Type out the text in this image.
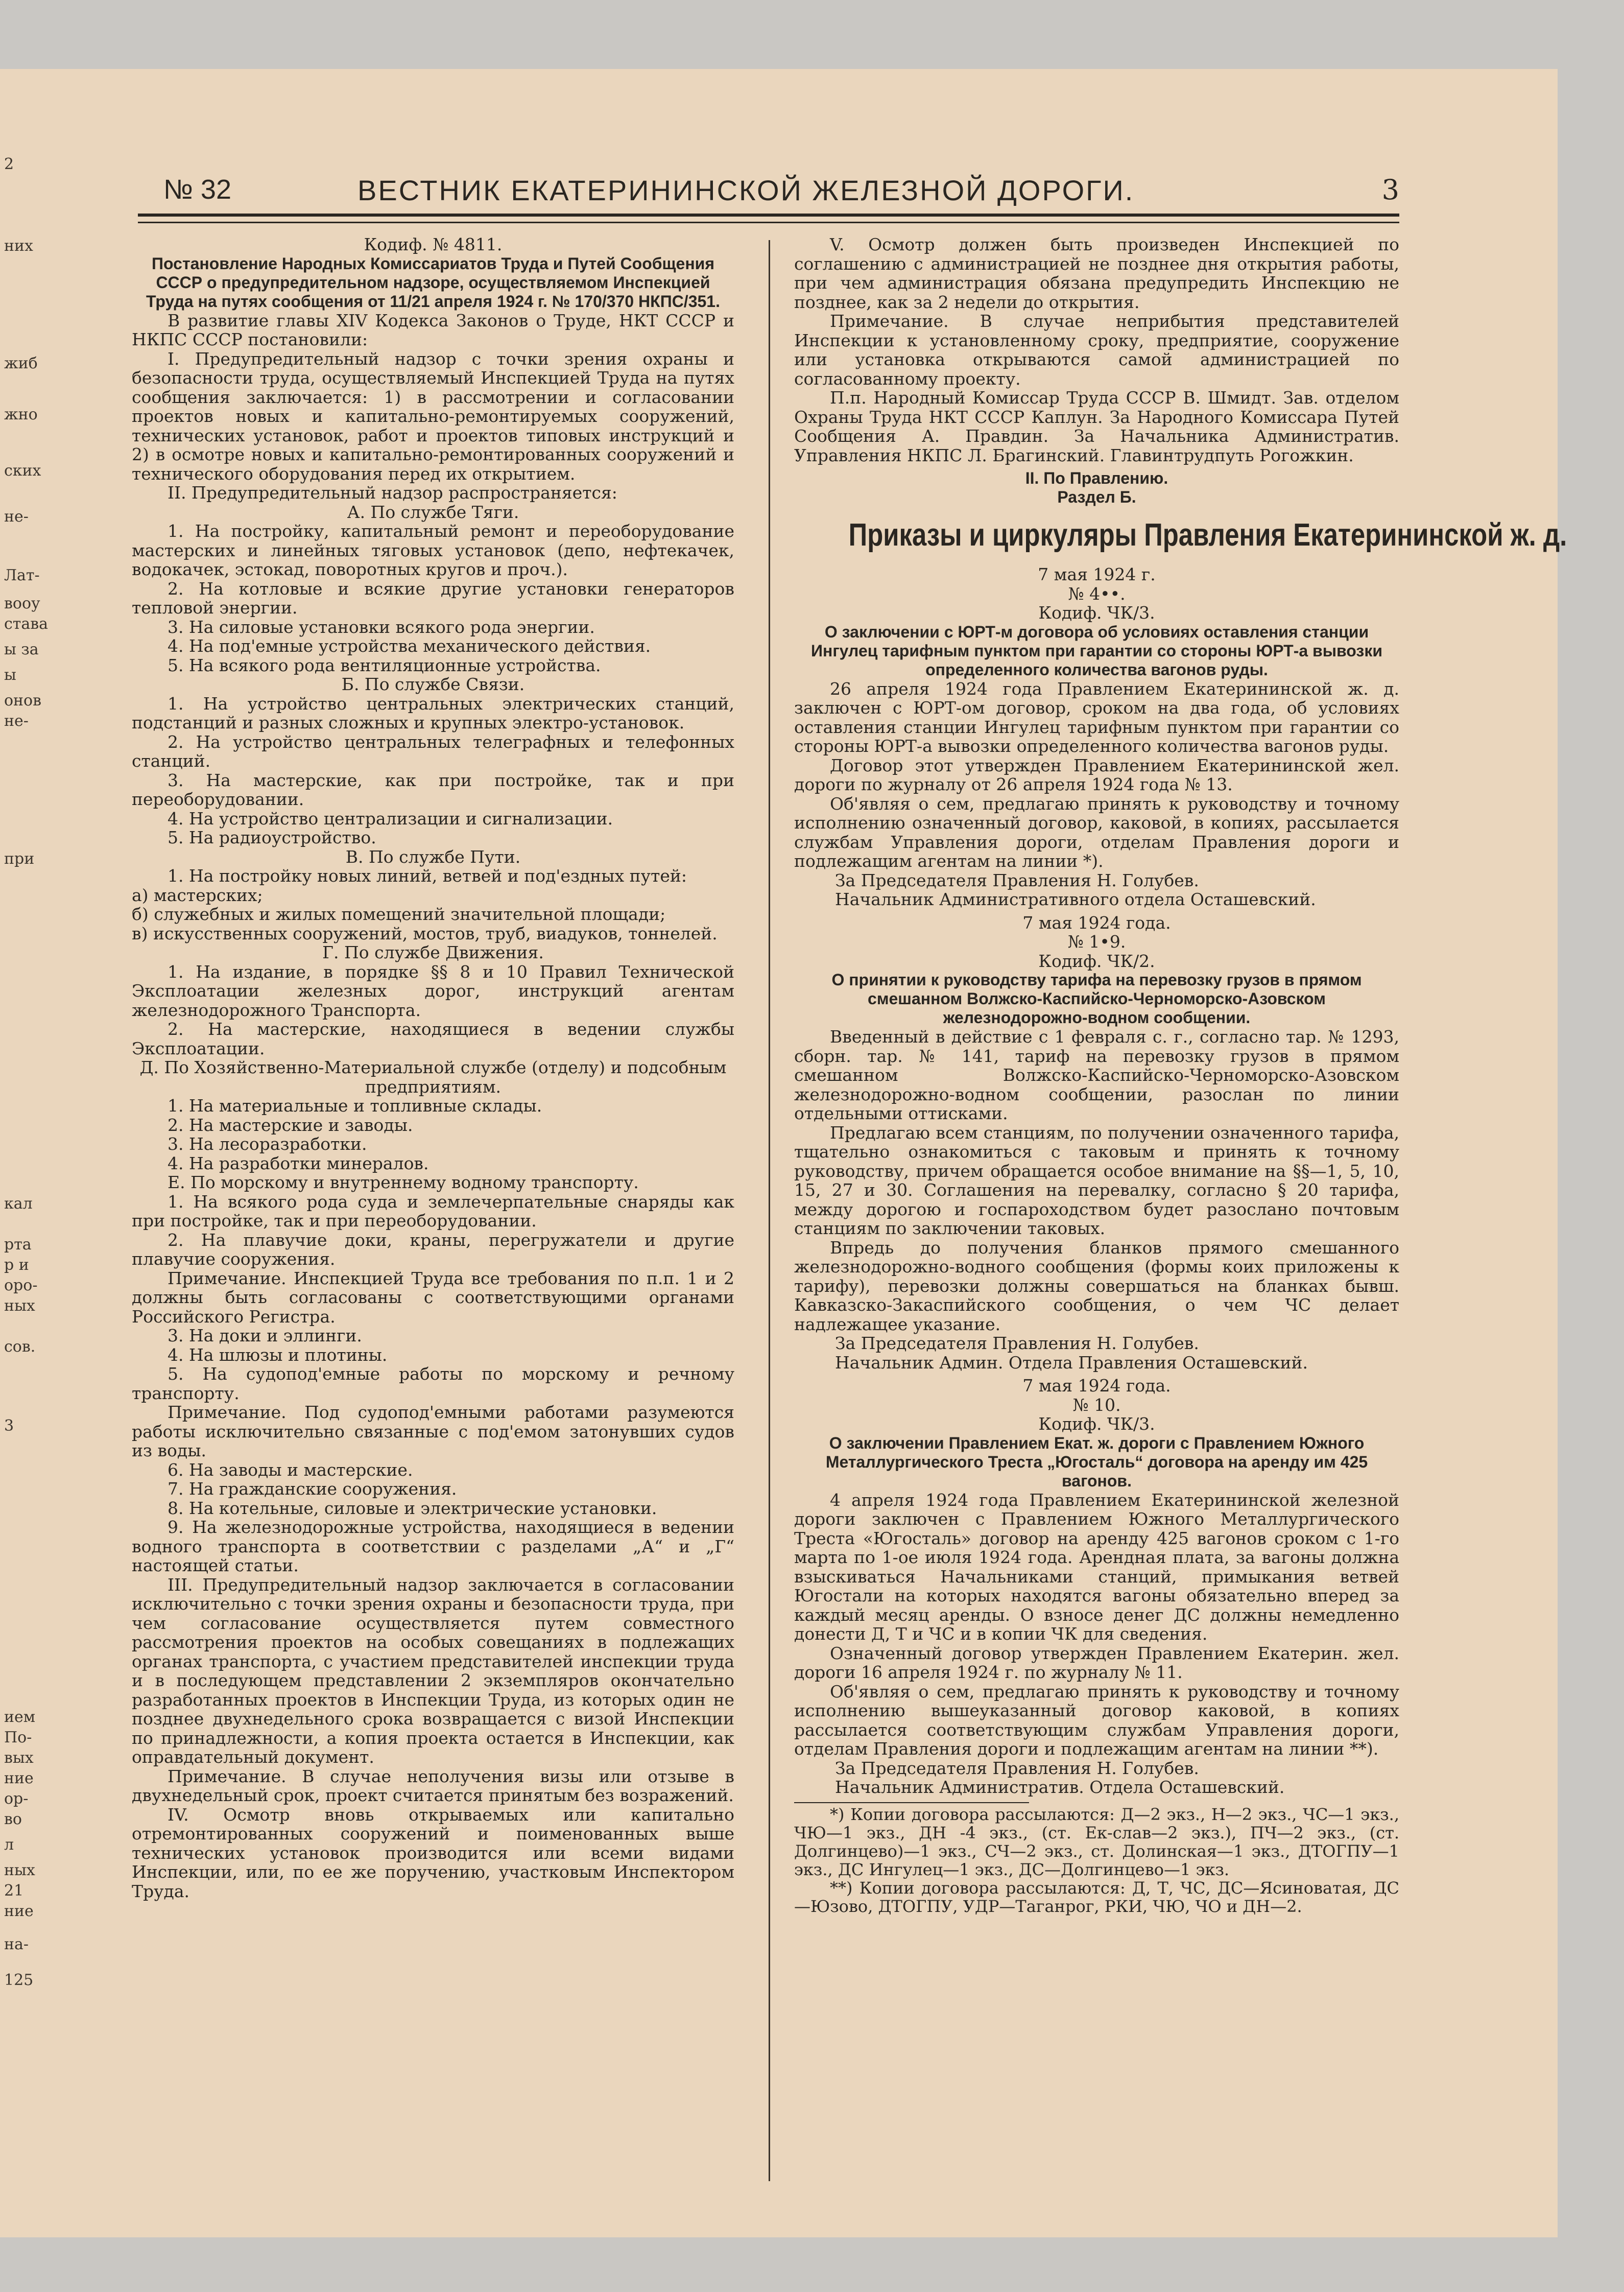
2
них
жиб
жно
ских
не-
Лат-
вооу
става
ы за
ы
онов
не-
при
кал
рта
р и
оро-
ных
сов.
3
ием
По-
вых
ние
ор-
во
л
ных
21
ние
на-
125
№ 32	ВЕСТНИК ЕКАТЕРИНИНСКОЙ ЖЕЛЕЗНОЙ ДОРОГИ.	3

Кодиф. № 4811.

Постановление Народных Комиссариатов Труда и Путей Сообщения СССР о предупредительном надзоре, осуществляемом Инспекцией Труда на путях сообщения от 11/21 апреля 1924 г. № 170/370 НКПС/351.

В развитие главы XIV Кодекса Законов о Труде, НКТ СССР и НКПС СССР постановили:

I. Предупредительный надзор с точки зрения охраны и безопасности труда, осуществляемый Инспекцией Труда на путях сообщения заключается: 1) в рассмотрении и согласовании проектов новых и капитально-ремонтируемых сооружений, технических установок, работ и проектов типовых инструкций и 2) в осмотре новых и капитально-ремонтированных сооружений и технического оборудования перед их открытием.

II. Предупредительный надзор распространяется:

А. По службе Тяги.

1. На постройку, капитальный ремонт и переоборудование мастерских и линейных тяговых установок (депо, нефтекачек, водокачек, эстокад, поворотных кругов и проч.).

2. На котловые и всякие другие установки генераторов тепловой энергии.

3. На силовые установки всякого рода энергии.

4. На под'емные устройства механического действия.

5. На всякого рода вентиляционные устройства.

Б. По службе Связи.

1. На устройство центральных электрических станций, подстанций и разных сложных и крупных электро-установок.

2. На устройство центральных телеграфных и телефонных станций.

3. На мастерские, как при постройке, так и при переоборудовании.

4. На устройство централизации и сигнализации.

5. На радиоустройство.

В. По службе Пути.

1. На постройку новых линий, ветвей и под'ездных путей:

а) мастерских;

б) служебных и жилых помещений значительной площади;

в) искусственных сооружений, мостов, труб, виадуков, тоннелей.

Г. По службе Движения.

1. На издание, в порядке §§ 8 и 10 Правил Технической Эксплоатации железных дорог, инструкций агентам железнодорожного Транспорта.

2. На мастерские, находящиеся в ведении службы Эксплоатации.

Д. По Хозяйственно-Материальной службе (отделу) и подсобным предприятиям.

1. На материальные и топливные склады.

2. На мастерские и заводы.

3. На лесоразработки.

4. На разработки минералов.

Е. По морскому и внутреннему водному транспорту.

1. На всякого рода суда и землечерпательные снаряды как при постройке, так и при переоборудовании.

2. На плавучие доки, краны, перегружатели и другие плавучие сооружения.

Примечание. Инспекцией Труда все требования по п.п. 1 и 2 должны быть согласованы с соответствующими органами Российского Регистра.

3. На доки и эллинги.

4. На шлюзы и плотины.

5. На судопод'емные работы по морскому и речному транспорту.

Примечание. Под судопод'емными работами разумеются работы исключительно связанные с под'емом затонувших судов из воды.

6. На заводы и мастерские.

7. На гражданские сооружения.

8. На котельные, силовые и электрические установки.

9. На железнодорожные устройства, находящиеся в ведении водного транспорта в соответствии с разделами „А“ и „Г“ настоящей статьи.

III. Предупредительный надзор заключается в согласовании исключительно с точки зрения охраны и безопасности труда, при чем согласование осуществляется путем совместного рассмотрения проектов на особых совещаниях в подлежащих органах транспорта, с участием представителей инспекции труда и в последующем представлении 2 экземпляров окончательно разработанных проектов в Инспекции Труда, из которых один не позднее двухнедельного срока возвращается с визой Инспекции по принадлежности, а копия проекта остается в Инспекции, как оправдательный документ.

Примечание. В случае неполучения визы или отзыве в двухнедельный срок, проект считается принятым без возражений.

IV. Осмотр вновь открываемых или капитально отремонтированных сооружений и поименованных выше технических установок производится или всеми видами Инспекции, или, по ее же поручению, участковым Инспектором Труда.

V. Осмотр должен быть произведен Инспекцией по соглашению с администрацией не позднее дня открытия работы, при чем администрация обязана предупредить Инспекцию не позднее, как за 2 недели до открытия.

Примечание. В случае неприбытия представителей Инспекции к установленному сроку, предприятие, сооружение или установка открываются самой администрацией по согласованному проекту.

П.п. Народный Комиссар Труда СССР В. Шмидт. Зав. отделом Охраны Труда НКТ СССР Каплун. За Народного Комиссара Путей Сообщения А. Правдин. За Начальника Административ. Управления НКПС Л. Брагинский. Главинтрудпуть Рогожкин.

II. По Правлению.

Раздел Б.

Приказы и циркуляры Правления Екатерининской ж. д.

7 мая 1924 г.

№ 4••.

Кодиф. ЧК/3.

О заключении с ЮРТ-м договора об условиях оставления станции Ингулец тарифным пунктом при гарантии со стороны ЮРТ-а вывозки определенного количества вагонов руды.

26 апреля 1924 года Правлением Екатерининской ж. д. заключен с ЮРТ-ом договор, сроком на два года, об условиях оставления станции Ингулец тарифным пунктом при гарантии со стороны ЮРТ-а вывозки определенного количества вагонов руды.

Договор этот утвержден Правлением Екатерининской жел. дороги по журналу от 26 апреля 1924 года № 13.

Об'являя о сем, предлагаю принять к руководству и точному исполнению означенный договор, каковой, в копиях, рассылается службам Управления дороги, отделам Правления дороги и подлежащим агентам на линии *).

За Председателя Правления Н. Голубев.

Начальник Административного отдела Осташевский.

7 мая 1924 года.

№ 1•9.

Кодиф. ЧК/2.

О принятии к руководству тарифа на перевозку грузов в прямом смешанном Волжско-Каспийско-Черноморско-Азовском железнодорожно-водном сообщении.

Введенный в действие с 1 февраля с. г., согласно тар. № 1293, сборн. тар. № 141, тариф на перевозку грузов в прямом смешанном Волжско-Каспийско-Черноморско-Азовском железнодорожно-водном сообщении, разослан по линии отдельными оттисками.

Предлагаю всем станциям, по получении означенного тарифа, тщательно ознакомиться с таковым и принять к точному руководству, причем обращается особое внимание на §§—1, 5, 10, 15, 27 и 30. Соглашения на перевалку, согласно § 20 тарифа, между дорогою и госпароходством будет разослано почтовым станциям по заключении таковых.

Впредь до получения бланков прямого смешанного железнодорожно-водного сообщения (формы коих приложены к тарифу), перевозки должны совершаться на бланках бывш. Кавказско-Закаспийского сообщения, о чем ЧС делает надлежащее указание.

За Председателя Правления Н. Голубев.

Начальник Админ. Отдела Правления Осташевский.

7 мая 1924 года.

№ 10.

Кодиф. ЧК/3.

О заключении Правлением Екат. ж. дороги с Правлением Южного Металлургического Треста „Югосталь“ договора на аренду им 425 вагонов.

4 апреля 1924 года Правлением Екатерининской железной дороги заключен с Правлением Южного Металлургического Треста «Югосталь» договор на аренду 425 вагонов сроком с 1-го марта по 1-ое июля 1924 года. Арендная плата, за вагоны должна взыскиваться Начальниками станций, примыкания ветвей Югостали на которых находятся вагоны обязательно вперед за каждый месяц аренды. О взносе денег ДС должны немедленно донести Д, Т и ЧС и в копии ЧК для сведения.

Означенный договор утвержден Правлением Екатерин. жел. дороги 16 апреля 1924 г. по журналу № 11.

Об'являя о сем, предлагаю принять к руководству и точному исполнению вышеуказанный договор каковой, в копиях рассылается соответствующим службам Управления дороги, отделам Правления дороги и подлежащим агентам на линии **).

За Председателя Правления Н. Голубев.

Начальник Административ. Отдела Осташевский.

*) Копии договора рассылаются: Д—2 экз., Н—2 экз., ЧС—1 экз., ЧЮ—1 экз., ДН -4 экз., (ст. Ек-слав—2 экз.), ПЧ—2 экз., (ст. Долгинцево)—1 экз., СЧ—2 экз., ст. Долинская—1 экз., ДТОГПУ—1 экз., ДС Ингулец—1 экз., ДС—Долгинцево—1 экз.

**) Копии договора рассылаются: Д, Т, ЧС, ДС—Ясиноватая, ДС—Юзово, ДТОГПУ, УДР—Таганрог, РКИ, ЧЮ, ЧО и ДН—2.
